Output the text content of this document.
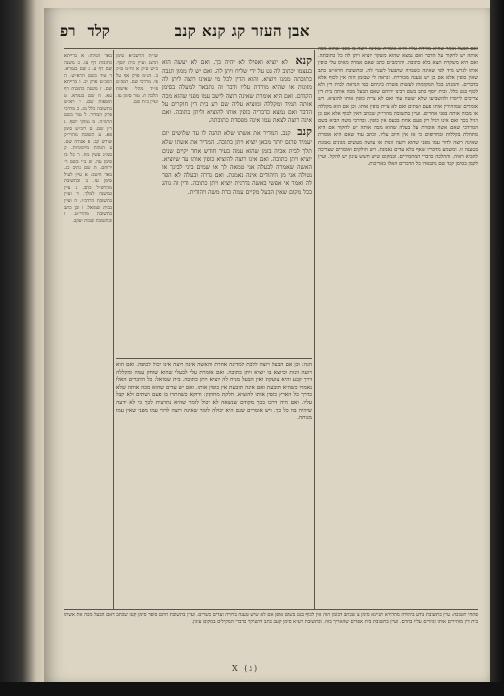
אבן העזר קג קנא קנב
קלד
רפ

ואם הבעל אומר שהיא מורדת עליו והיא אומרת שאינה רוצה בו מפני שהוא מכה אותה יש לחקור על הדבר ואם נמצא שהוא משקר יוציא ויתן לה כל כתובתה. ואם היא משקרת תצא בלא כתובה. והרמב״ם כתב שאם אמרה מאיס עלי כופין אותו לגרש מיד לפי שאינה כשבויה שתבעל לשנוי לה. ובתשובת הרא״ש כתב שאין כופין אלא אם כן יש טענה מבוררת. ונראה לי שבזמן הזה אין לכוף אלא בדברים. והמנהג בכל המקומות לעשות פשרה ביניהם כפי הנראה לבית דין ולא לכוף בגט כלל. ובית יוסף כתב בשם רבינו ירוחם שאם הבעל מכה אותה בית דין צריכים לייסרו ולהשביעו שלא יעשה עוד ואם לא ציית כופין אותו להוציא. ויש אומרים שמזהירין אותו פעם ושתים ואם לא ציית כופין אותו. וכן אם הוא מקללה או מבזה אותה בפני אחרים. ועיין בתשובת מהרי״ק שכתב דאין לכוף אלא אם כן רגיל בכך ואם אינו רגיל רק פעם אחת בכעס אין כופין. ובדרכי משה הביא בשם המרדכי שאם אשה אומרת על בעלה שהוא מכה אותה יש לחקור אם היא מתחלת בקללות ובחרופים כי אז אין חיוב עליו. וכתב עוד שאם היא אומרת שאינה רוצה לדור עמו מפני שהוא רועה זונות או עושה מעשים מגונים נאמנת בטענה זו. ומשמע מדבריו שאף בלא עדים נאמנת. ויש חולקים ואומרים שצריכה להביא ראיה. וההלכה כדברי המחמירים. ובמקום שיש חשש עיגון יש להקל. ועיין לקמן בסימן קנד שם נתבארו כל הדברים האלו באריכות.

קנא לא יוציא ואפילו לא יהיה כך. ואם לא יעשה הוא בעצמו יכתוב לה גט על ידי שליח ויתן לה. ואם יש לו ממון תגבה כתובתה ממנו ויוציא. והוא הדין לכל מי שאינו רוצה ליתן לה מזונות או שהיא מורדת עליו ודבר זה נתבאר למעלה בסימן הקודם. ואם היא אומרת שאינה רוצה לישב עמו מפני שהוא מכה אותה תמיד ומקללה ומוציא עליה שם רע בית דין חוקרים על הדבר ואם נמצא כדבריה כופין אותו להוציא וליתן כתובה. ואם אינה רוצה לצאת עמו אינה מפסדת כתובתה.

קנב קנב. המדיר את אשתו שלא תהנה לו עד שלושים יום יעמיד פרנס יותר מכאן יוציא ויתן כתובה. המדיר את אשתו שלא תלך לבית אביה בזמן שהוא עמה בעיר חודש אחד יקיים שנים יוציא ויתן כתובה. ואם אינו רוצה להוציא כופין אותו עד שיוציא. האשה שאמרה לבעלה אני טמאה לך או שמים ביני לבינך או נטולה אני מן היהודים אינה נאמנת. ואם נדרה ובעלה לא הפר לה ואמר אי אפשי באשה נדרנית יוציא ויתן כתובה. ודין זה נוהג בכל מקום שאין הבעל מקיים עמה כדת משה ויהודית.

שו״ת הרשב״א סימן תרצג ועיין בית יוסף. ב״ש ס״ק א וח״מ ס״ק ב. הג״מ פרק אף על פי. מרדכי שם. רמב״ם פ״יד מהל׳ אישות הלכה ח. טור סימן עז. ועיין ב״ח שם.

באר הגולה: א ברייתא כתובות דף עז. ב משנה שם דף ע. ג שם בגמרא. ד טור בשם הרא״ש. ה רמב״ם פרק יב. ו ברייתא שם. ז משנה כתובות דף עא. ח שם בגמרא. ט תוספות שם. י רא״ש בתשובה כלל מג. כ מרדכי פרק המדיר. ל טור בשם הרמ״ה. מ נמוקי יוסף. נ ר״ן שם. ס ריב״ש סימן פא. ע תשובת מהרי״ק שורש קב. פ אגודה שם. צ הגהות מיימוניות. ק סמ״ג עשין מח. ר כל בו סימן עה. ש ב״י בשם ר׳ ירוחם. ת שם נתיב כג. באר היטב: א עיין לעיל סימן עז. ב ובתשובת מהרש״ל כתב. ג עיין במשנה למלך. ד ועיין בתשובת הרדב״ז. ה ועיין בבית שמואל. ו וכן כתב בתשובת מהרי״ט. ז ובתשובת שבות יעקב.

הגה: וכן אם הבעל רוצה ללכת למדינה אחרת והאשה אינה רוצה אינו יכול לכופה. ואם הוא רועה זונות וכיוצא בו יוציא ויתן כתובה. ואם אומרת עלי לבעלי שהוא שוחק עמה ומקללה דרך קבע והיא צועקת ואין הבעל מניח לה יוציא ויתן כתובה. בית שמואל: כל הדברים האלו נאמרו כשהיא תובעת ואם אינה תובעת אין כופין אותו. ואם יש עדים שהוא מכה אותה שלא כדרך כל הארץ כופין אותו להוציא. חלקת מחוקק: ודוקא כשהתרו בו פעם ושתים ולא קבל עליו. ואם היה דרכו בכך מקודם שנשאה לא יכול לומר שהיא נתרצית לכך כי לא ידעה שיהיה בה כל כך. ויש אומרים שגם היא יכולה לומר שאינה רוצה לדור עמו מפני שאין עמו מנוחה.

פתחי תשובה: עיין בתשובת נודע ביהודה מהדורא תניינא סימן צ שכתב דבזמן הזה אין לכוף בגט בשום אופן אם לא שיש טענה ברורה ועדים כשרים. ועיין בתשובת חתם סופר סימן קטז שכתב דאם הבעל מכה את אשתו בית דין מזהירים אותו וגוזרים עליו בחרם. ועיין בתשובת בית אפרים שהאריך בזה. ובתשובת רע״א סימן קעב כתב דהעיקר כדברי המקילים במקום עיגון.

X (ג)
